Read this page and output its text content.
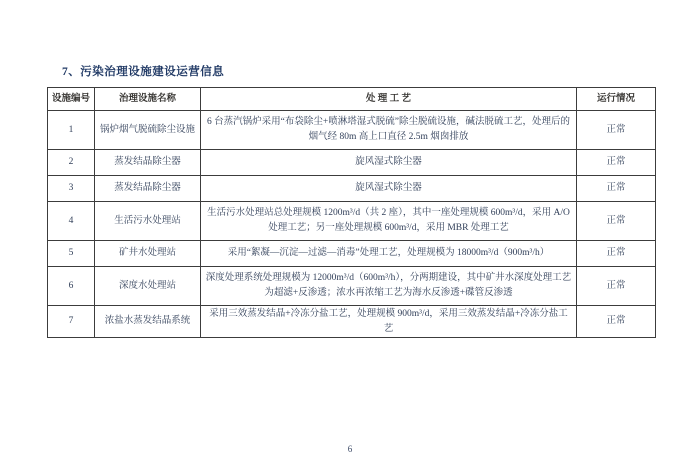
7、污染治理设施建设运营信息
设施编号	治理设施名称	处 理 工 艺	运行情况
1	锅炉烟气脱硫除尘设施	6 台蒸汽锅炉采用“布袋除尘+喷淋塔湿式脱硫”除尘脱硫设施，碱法脱硫工艺，处理后的烟气经 80m 高上口直径 2.5m 烟囱排放	正常
2	蒸发结晶除尘器	旋风湿式除尘器	正常
3	蒸发结晶除尘器	旋风湿式除尘器	正常
4	生活污水处理站	生活污水处理站总处理规模 1200m³/d（共 2 座），其中一座处理规模 600m³/d，采用 A/O 处理工艺；另一座处理规模 600m³/d，采用 MBR 处理工艺	正常
5	矿井水处理站	采用“絮凝—沉淀—过滤—消毒”处理工艺，处理规模为 18000m³/d（900m³/h）	正常
6	深度水处理站	深度处理系统处理规模为 12000m³/d（600m³/h），分两期建设，其中矿井水深度处理工艺为超滤+反渗透；浓水再浓缩工艺为海水反渗透+碟管反渗透	正常
7	浓盐水蒸发结晶系统	采用三效蒸发结晶+冷冻分盐工艺，处理规模 900m³/d，采用三效蒸发结晶+冷冻分盐工艺	正常
6
